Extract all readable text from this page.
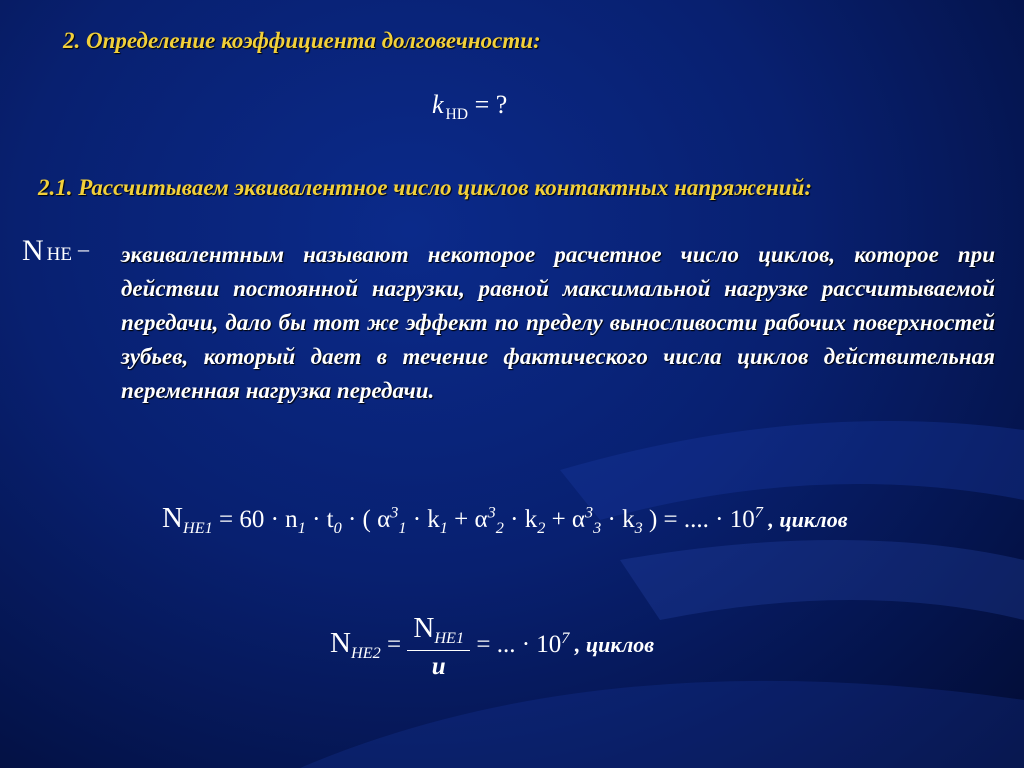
2. Определение коэффициента долговечности:
k $_{HD}$ = ?
2.1. Рассчитываем эквивалентное число циклов контактных напряжений:
NHE – эквивалентным называют некоторое расчетное число циклов, которое при действии постоянной нагрузки, равной максимальной нагрузке рассчитываемой передачи, дало бы тот же эффект по пределу выносливости рабочих поверхностей зубьев, который дает в течение фактического числа циклов действительная переменная нагрузка передачи.
$N_{HE1} = 60 \cdot n_1 \cdot t_0$ · ( $\alpha^3_1 \cdot k_1 + \alpha^3_2 \cdot k_2 + \alpha^3_3 \cdot k_3$ ) = .... · $10^7$ , циклов
$N_{HE2} = \frac{N_{HE1}}{u}$ = ... · $10^7$ , циклов
